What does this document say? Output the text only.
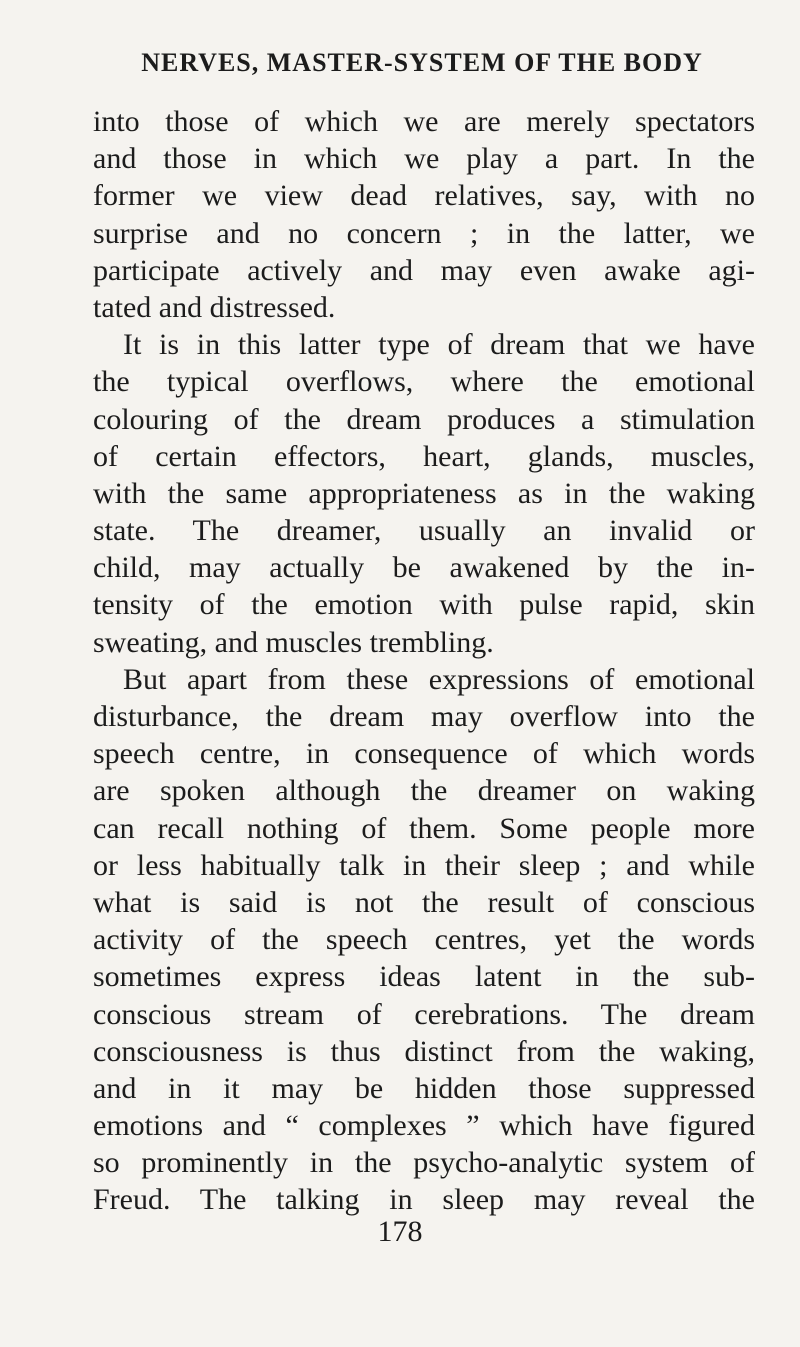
NERVES, MASTER-SYSTEM OF THE BODY
into those of which we are merely spectators
and those in which we play a part. In the
former we view dead relatives, say, with no
surprise and no concern ; in the latter, we
participate actively and may even awake agi-
tated and distressed.
It is in this latter type of dream that we have
the typical overflows, where the emotional
colouring of the dream produces a stimulation
of certain effectors, heart, glands, muscles,
with the same appropriateness as in the waking
state. The dreamer, usually an invalid or
child, may actually be awakened by the in-
tensity of the emotion with pulse rapid, skin
sweating, and muscles trembling.
But apart from these expressions of emotional
disturbance, the dream may overflow into the
speech centre, in consequence of which words
are spoken although the dreamer on waking
can recall nothing of them. Some people more
or less habitually talk in their sleep ; and while
what is said is not the result of conscious
activity of the speech centres, yet the words
sometimes express ideas latent in the sub-
conscious stream of cerebrations. The dream
consciousness is thus distinct from the waking,
and in it may be hidden those suppressed
emotions and “ complexes ” which have figured
so prominently in the psycho-analytic system of
Freud. The talking in sleep may reveal the
178
